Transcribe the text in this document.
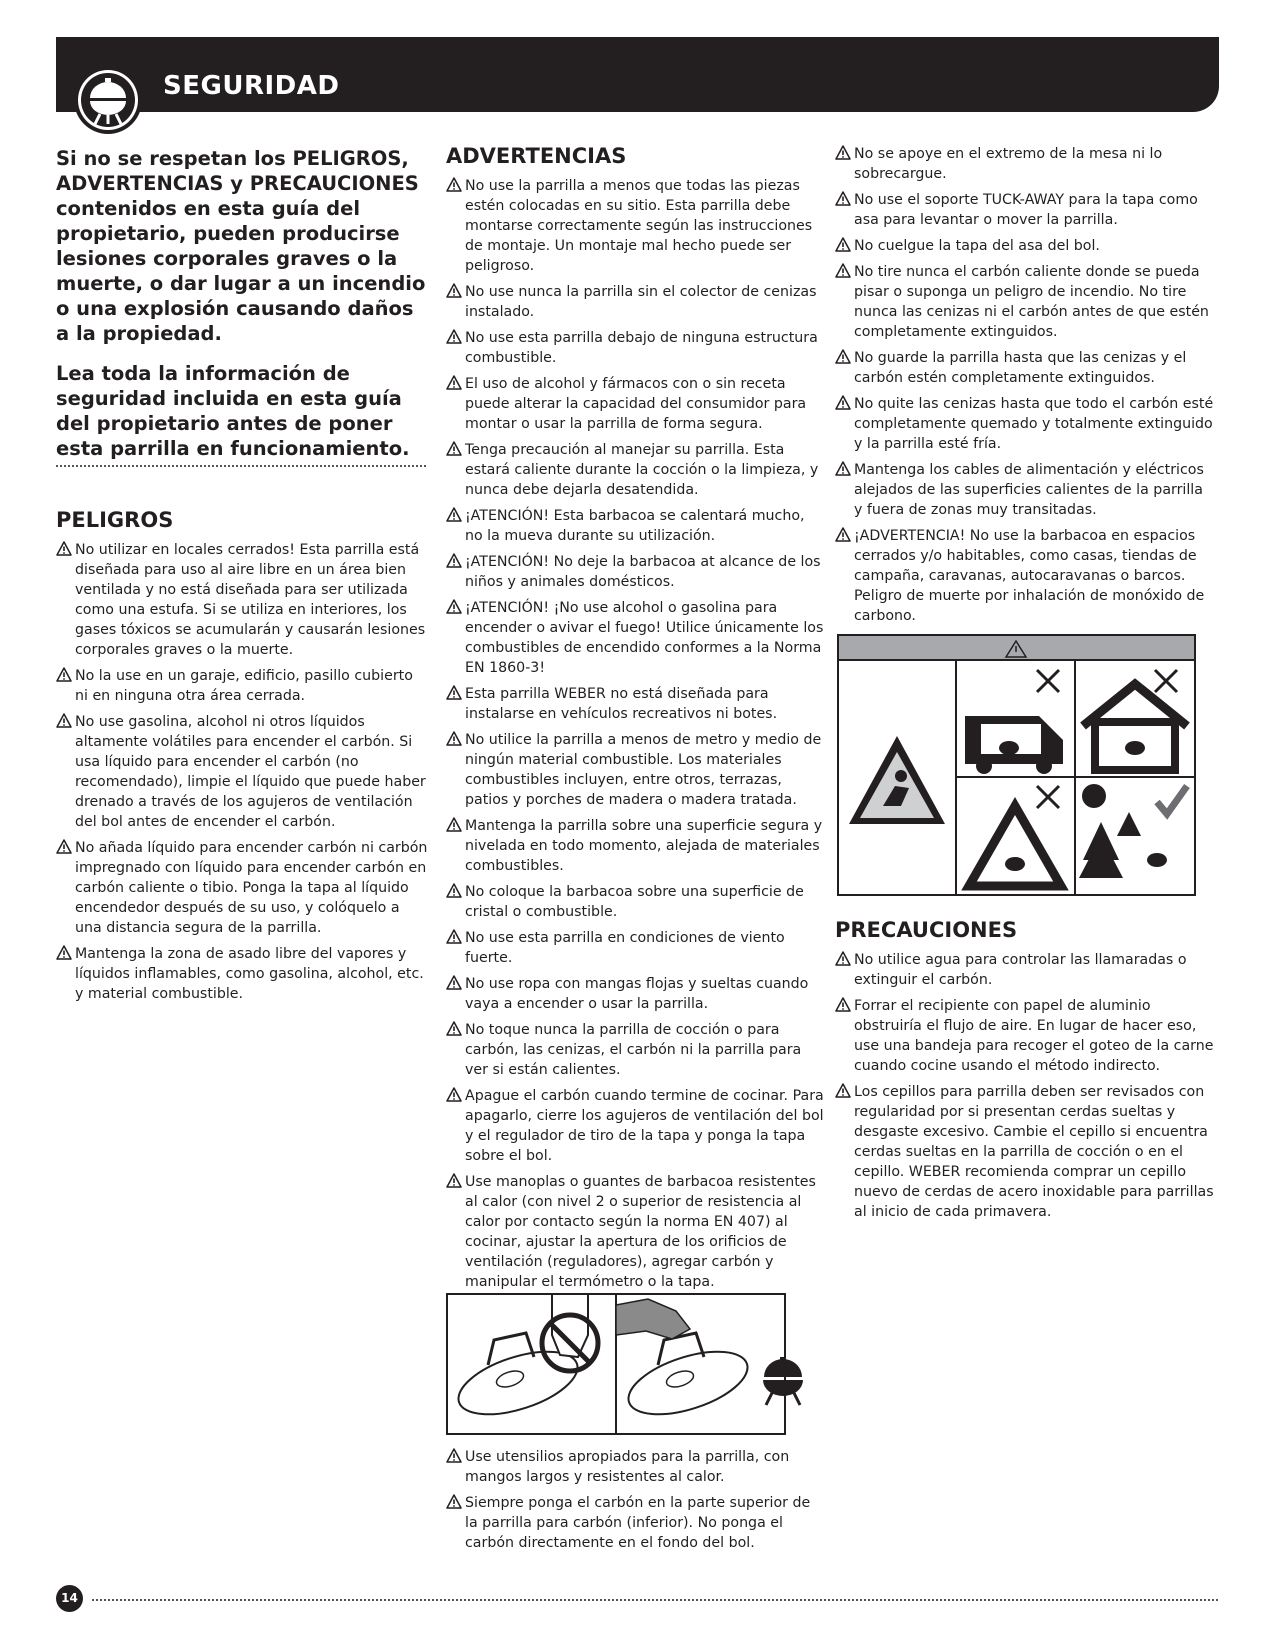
SEGURIDAD

Si no se respetan los PELIGROS, ADVERTENCIAS y PRECAUCIONES contenidos en esta guía del propietario, pueden producirse lesiones corporales graves o la muerte, o dar lugar a un incendio o una explosión causando daños a la propiedad.

Lea toda la información de seguridad incluida en esta guía del propietario antes de poner esta parrilla en funcionamiento.

PELIGROS
No utilizar en locales cerrados! Esta parrilla está diseñada para uso al aire libre en un área bien ventilada y no está diseñada para ser utilizada como una estufa. Si se utiliza en interiores, los gases tóxicos se acumularán y causarán lesiones corporales graves o la muerte.
No la use en un garaje, edificio, pasillo cubierto ni en ninguna otra área cerrada.
No use gasolina, alcohol ni otros líquidos altamente volátiles para encender el carbón. Si usa líquido para encender el carbón (no recomendado), limpie el líquido que puede haber drenado a través de los agujeros de ventilación del bol antes de encender el carbón.
No añada líquido para encender carbón ni carbón impregnado con líquido para encender carbón en carbón caliente o tibio. Ponga la tapa al líquido encendedor después de su uso, y colóquelo a una distancia segura de la parrilla.
Mantenga la zona de asado libre del vapores y líquidos inflamables, como gasolina, alcohol, etc. y material combustible.
ADVERTENCIAS
No use la parrilla a menos que todas las piezas estén colocadas en su sitio. Esta parrilla debe montarse correctamente según las instrucciones de montaje. Un montaje mal hecho puede ser peligroso.
No use nunca la parrilla sin el colector de cenizas instalado.
No use esta parrilla debajo de ninguna estructura combustible.
El uso de alcohol y fármacos con o sin receta puede alterar la capacidad del consumidor para montar o usar la parrilla de forma segura.
Tenga precaución al manejar su parrilla. Esta estará caliente durante la cocción o la limpieza, y nunca debe dejarla desatendida.
¡ATENCIÓN! Esta barbacoa se calentará mucho, no la mueva durante su utilización.
¡ATENCIÓN! No deje la barbacoa at alcance de los niños y animales domésticos.
¡ATENCIÓN! ¡No use alcohol o gasolina para encender o avivar el fuego! Utilice únicamente los combustibles de encendido conformes a la Norma EN 1860-3!
Esta parrilla WEBER no está diseñada para instalarse en vehículos recreativos ni botes.
No utilice la parrilla a menos de metro y medio de ningún material combustible. Los materiales combustibles incluyen, entre otros, terrazas, patios y porches de madera o madera tratada.
Mantenga la parrilla sobre una superficie segura y nivelada en todo momento, alejada de materiales combustibles.
No coloque la barbacoa sobre una superficie de cristal o combustible.
No use esta parrilla en condiciones de viento fuerte.
No use ropa con mangas flojas y sueltas cuando vaya a encender o usar la parrilla.
No toque nunca la parrilla de cocción o para carbón, las cenizas, el carbón ni la parrilla para ver si están calientes.
Apague el carbón cuando termine de cocinar. Para apagarlo, cierre los agujeros de ventilación del bol y el regulador de tiro de la tapa y ponga la tapa sobre el bol.
Use manoplas o guantes de barbacoa resistentes al calor (con nivel 2 o superior de resistencia al calor por contacto según la norma EN 407) al cocinar, ajustar la apertura de los orificios de ventilación (reguladores), agregar carbón y manipular el termómetro o la tapa.
Use utensilios apropiados para la parrilla, con mangos largos y resistentes al calor.
Siempre ponga el carbón en la parte superior de la parrilla para carbón (inferior). No ponga el carbón directamente en el fondo del bol.
No se apoye en el extremo de la mesa ni lo sobrecargue.
No use el soporte TUCK-AWAY para la tapa como asa para levantar o mover la parrilla.
No cuelgue la tapa del asa del bol.
No tire nunca el carbón caliente donde se pueda pisar o suponga un peligro de incendio. No tire nunca las cenizas ni el carbón antes de que estén completamente extinguidos.
No guarde la parrilla hasta que las cenizas y el carbón estén completamente extinguidos.
No quite las cenizas hasta que todo el carbón esté completamente quemado y totalmente extinguido y la parrilla esté fría.
Mantenga los cables de alimentación y eléctricos alejados de las superficies calientes de la parrilla y fuera de zonas muy transitadas.
¡ADVERTENCIA! No use la barbacoa en espacios cerrados y/o habitables, como casas, tiendas de campaña, caravanas, autocaravanas o barcos. Peligro de muerte por inhalación de monóxido de carbono.
PRECAUCIONES
No utilice agua para controlar las llamaradas o extinguir el carbón.
Forrar el recipiente con papel de aluminio obstruiría el flujo de aire. En lugar de hacer eso, use una bandeja para recoger el goteo de la carne cuando cocine usando el método indirecto.
Los cepillos para parrilla deben ser revisados con regularidad por si presentan cerdas sueltas y desgaste excesivo. Cambie el cepillo si encuentra cerdas sueltas en la parrilla de cocción o en el cepillo. WEBER recomienda comprar un cepillo nuevo de cerdas de acero inoxidable para parrillas al inicio de cada primavera.
14
